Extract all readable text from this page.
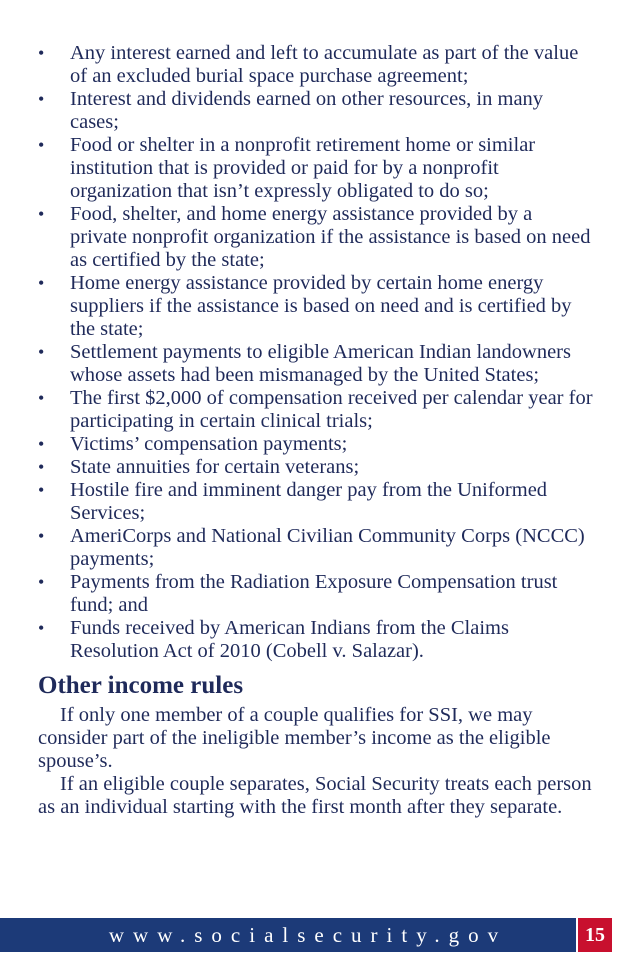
• Any interest earned and left to accumulate as part of the value of an excluded burial space purchase agreement;
• Interest and dividends earned on other resources, in many cases;
• Food or shelter in a nonprofit retirement home or similar institution that is provided or paid for by a nonprofit organization that isn’t expressly obligated to do so;
• Food, shelter, and home energy assistance provided by a private nonprofit organization if the assistance is based on need as certified by the state;
• Home energy assistance provided by certain home energy suppliers if the assistance is based on need and is certified by the state;
• Settlement payments to eligible American Indian landowners whose assets had been mismanaged by the United States;
• The first $2,000 of compensation received per calendar year for participating in certain clinical trials;
• Victims’ compensation payments;
• State annuities for certain veterans;
• Hostile fire and imminent danger pay from the Uniformed Services;
• AmeriCorps and National Civilian Community Corps (NCCC) payments;
• Payments from the Radiation Exposure Compensation trust fund; and
• Funds received by American Indians from the Claims Resolution Act of 2010 (Cobell v. Salazar).
Other income rules

If only one member of a couple qualifies for SSI, we may consider part of the ineligible member’s income as the eligible spouse’s.

If an eligible couple separates, Social Security treats each person as an individual starting with the first month after they separate.

www.socialsecurity.gov	15
